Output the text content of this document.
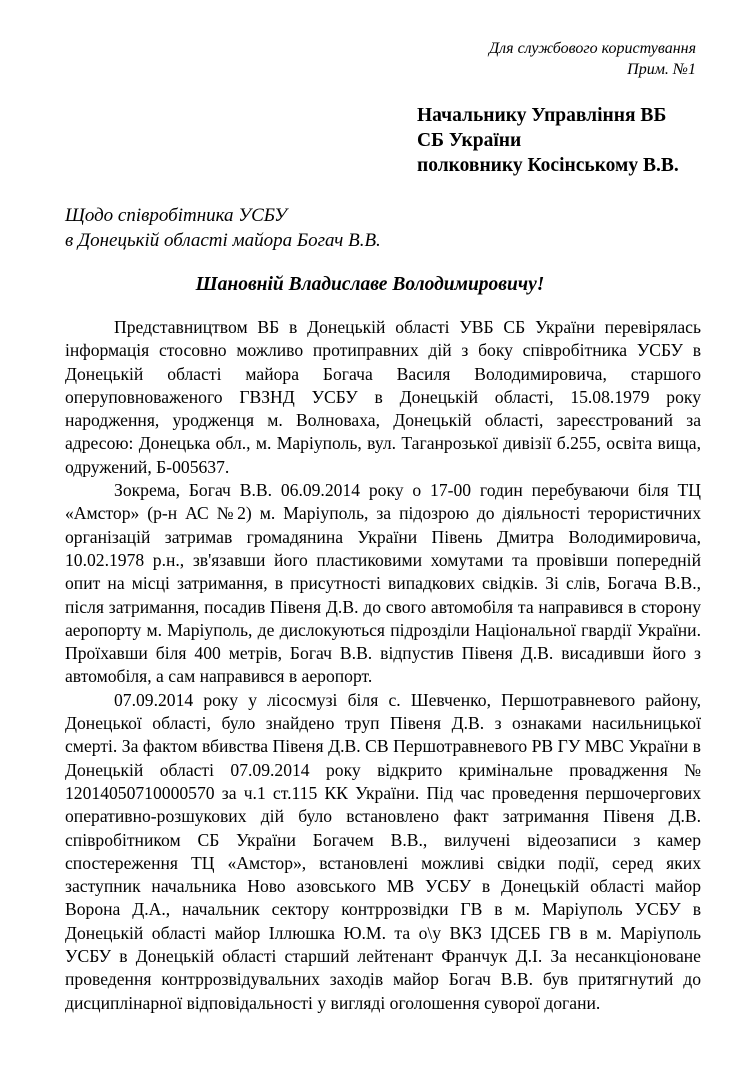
Для службового користування
Прим. №1
Начальнику Управління ВБ
СБ України
полковнику Косінському В.В.
Щодо співробітника УСБУ
в Донецькій області майора Богач В.В.
Шановній Владиславе Володимировичу!

Представництвом ВБ в Донецькій області УВБ СБ України перевірялась інформація стосовно можливо протиправних дій з боку співробітника УСБУ в Донецькій області майора Богача Василя Володимировича, старшого оперуповноваженого ГВЗНД УСБУ в Донецькій області, 15.08.1979 року народження, уродженця м. Волноваха, Донецькій області, зареєстрований за адресою: Донецька обл., м. Маріуполь, вул. Таганрозької дивізії б.255, освіта вища, одружений, Б-005637.

Зокрема, Богач В.В. 06.09.2014 року о 17-00 годин перебуваючи біля ТЦ «Амстор» (р-н АС №2) м. Маріуполь, за підозрою до діяльності терористичних організацій затримав громадянина України Півень Дмитра Володимировича, 10.02.1978 р.н., зв'язавши його пластиковими хомутами та провівши попередній опит на місці затримання, в присутності випадкових свідків. Зі слів, Богача В.В., після затримання, посадив Півеня Д.В. до свого автомобіля та направився в сторону аеропорту м. Маріуполь, де дислокуються підрозділи Національної гвардії України. Проїхавши біля 400 метрів, Богач В.В. відпустив Півеня Д.В. висадивши його з автомобіля, а сам направився в аеропорт.

07.09.2014 року у лісосмузі біля с. Шевченко, Першотравневого району, Донецької області, було знайдено труп Півеня Д.В. з ознаками насильницької смерті. За фактом вбивства Півеня Д.В. СВ Першотравневого РВ ГУ МВС України в Донецькій області 07.09.2014 року відкрито кримінальне провадження № 12014050710000570 за ч.1 ст.115 КК України. Під час проведення першочергових оперативно-розшукових дій було встановлено факт затримання Півеня Д.В. співробітником СБ України Богачем В.В., вилучені відеозаписи з камер спостереження ТЦ «Амстор», встановлені можливі свідки події, серед яких заступник начальника Ново азовського МВ УСБУ в Донецькій області майор Ворона Д.А., начальник сектору контррозвідки ГВ в м. Маріуполь УСБУ в Донецькій області майор Іллюшка Ю.М. та о\у ВКЗ ІДСЕБ ГВ в м. Маріуполь УСБУ в Донецькій області старший лейтенант Франчук Д.І. За несанкціоноване проведення контррозвідувальних заходів майор Богач В.В. був притягнутий до дисциплінарної відповідальності у вигляді оголошення суворої догани.
